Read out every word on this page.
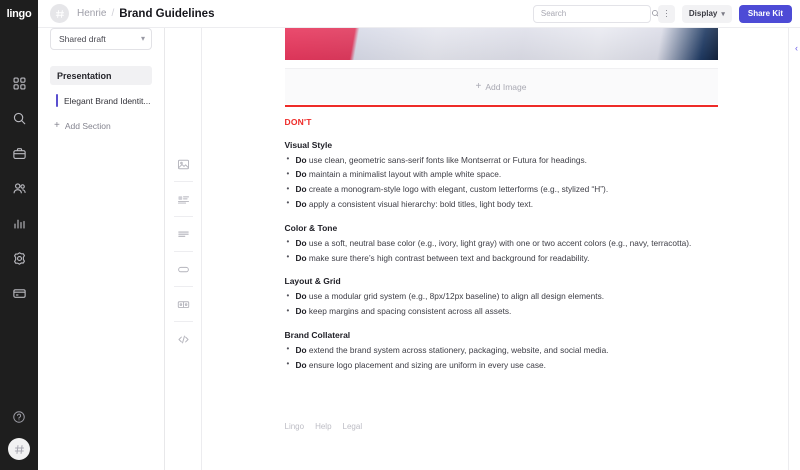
lingo
Shared draft	▾
Presentation
Elegant Brand Identit...
+ Add Section
+ Add Image
DON'T
Visual Style
• Do use clean, geometric sans-serif fonts like Montserrat or Futura for headings.
• Do maintain a minimalist layout with ample white space.
• Do create a monogram-style logo with elegant, custom letterforms (e.g., stylized “H”).
• Do apply a consistent visual hierarchy: bold titles, light body text.
Color & Tone
• Do use a soft, neutral base color (e.g., ivory, light gray) with one or two accent colors (e.g., navy, terracotta).
• Do make sure there’s high contrast between text and background for readability.
Layout & Grid
• Do use a modular grid system (e.g., 8px/12px baseline) to align all design elements.
• Do keep margins and spacing consistent across all assets.
Brand Collateral
• Do extend the brand system across stationery, packaging, website, and social media.
• Do ensure logo placement and sizing are uniform in every use case.
Lingo Help Legal
‹
Henrie / Brand Guidelines
Search	Display ▾	Share Kit
